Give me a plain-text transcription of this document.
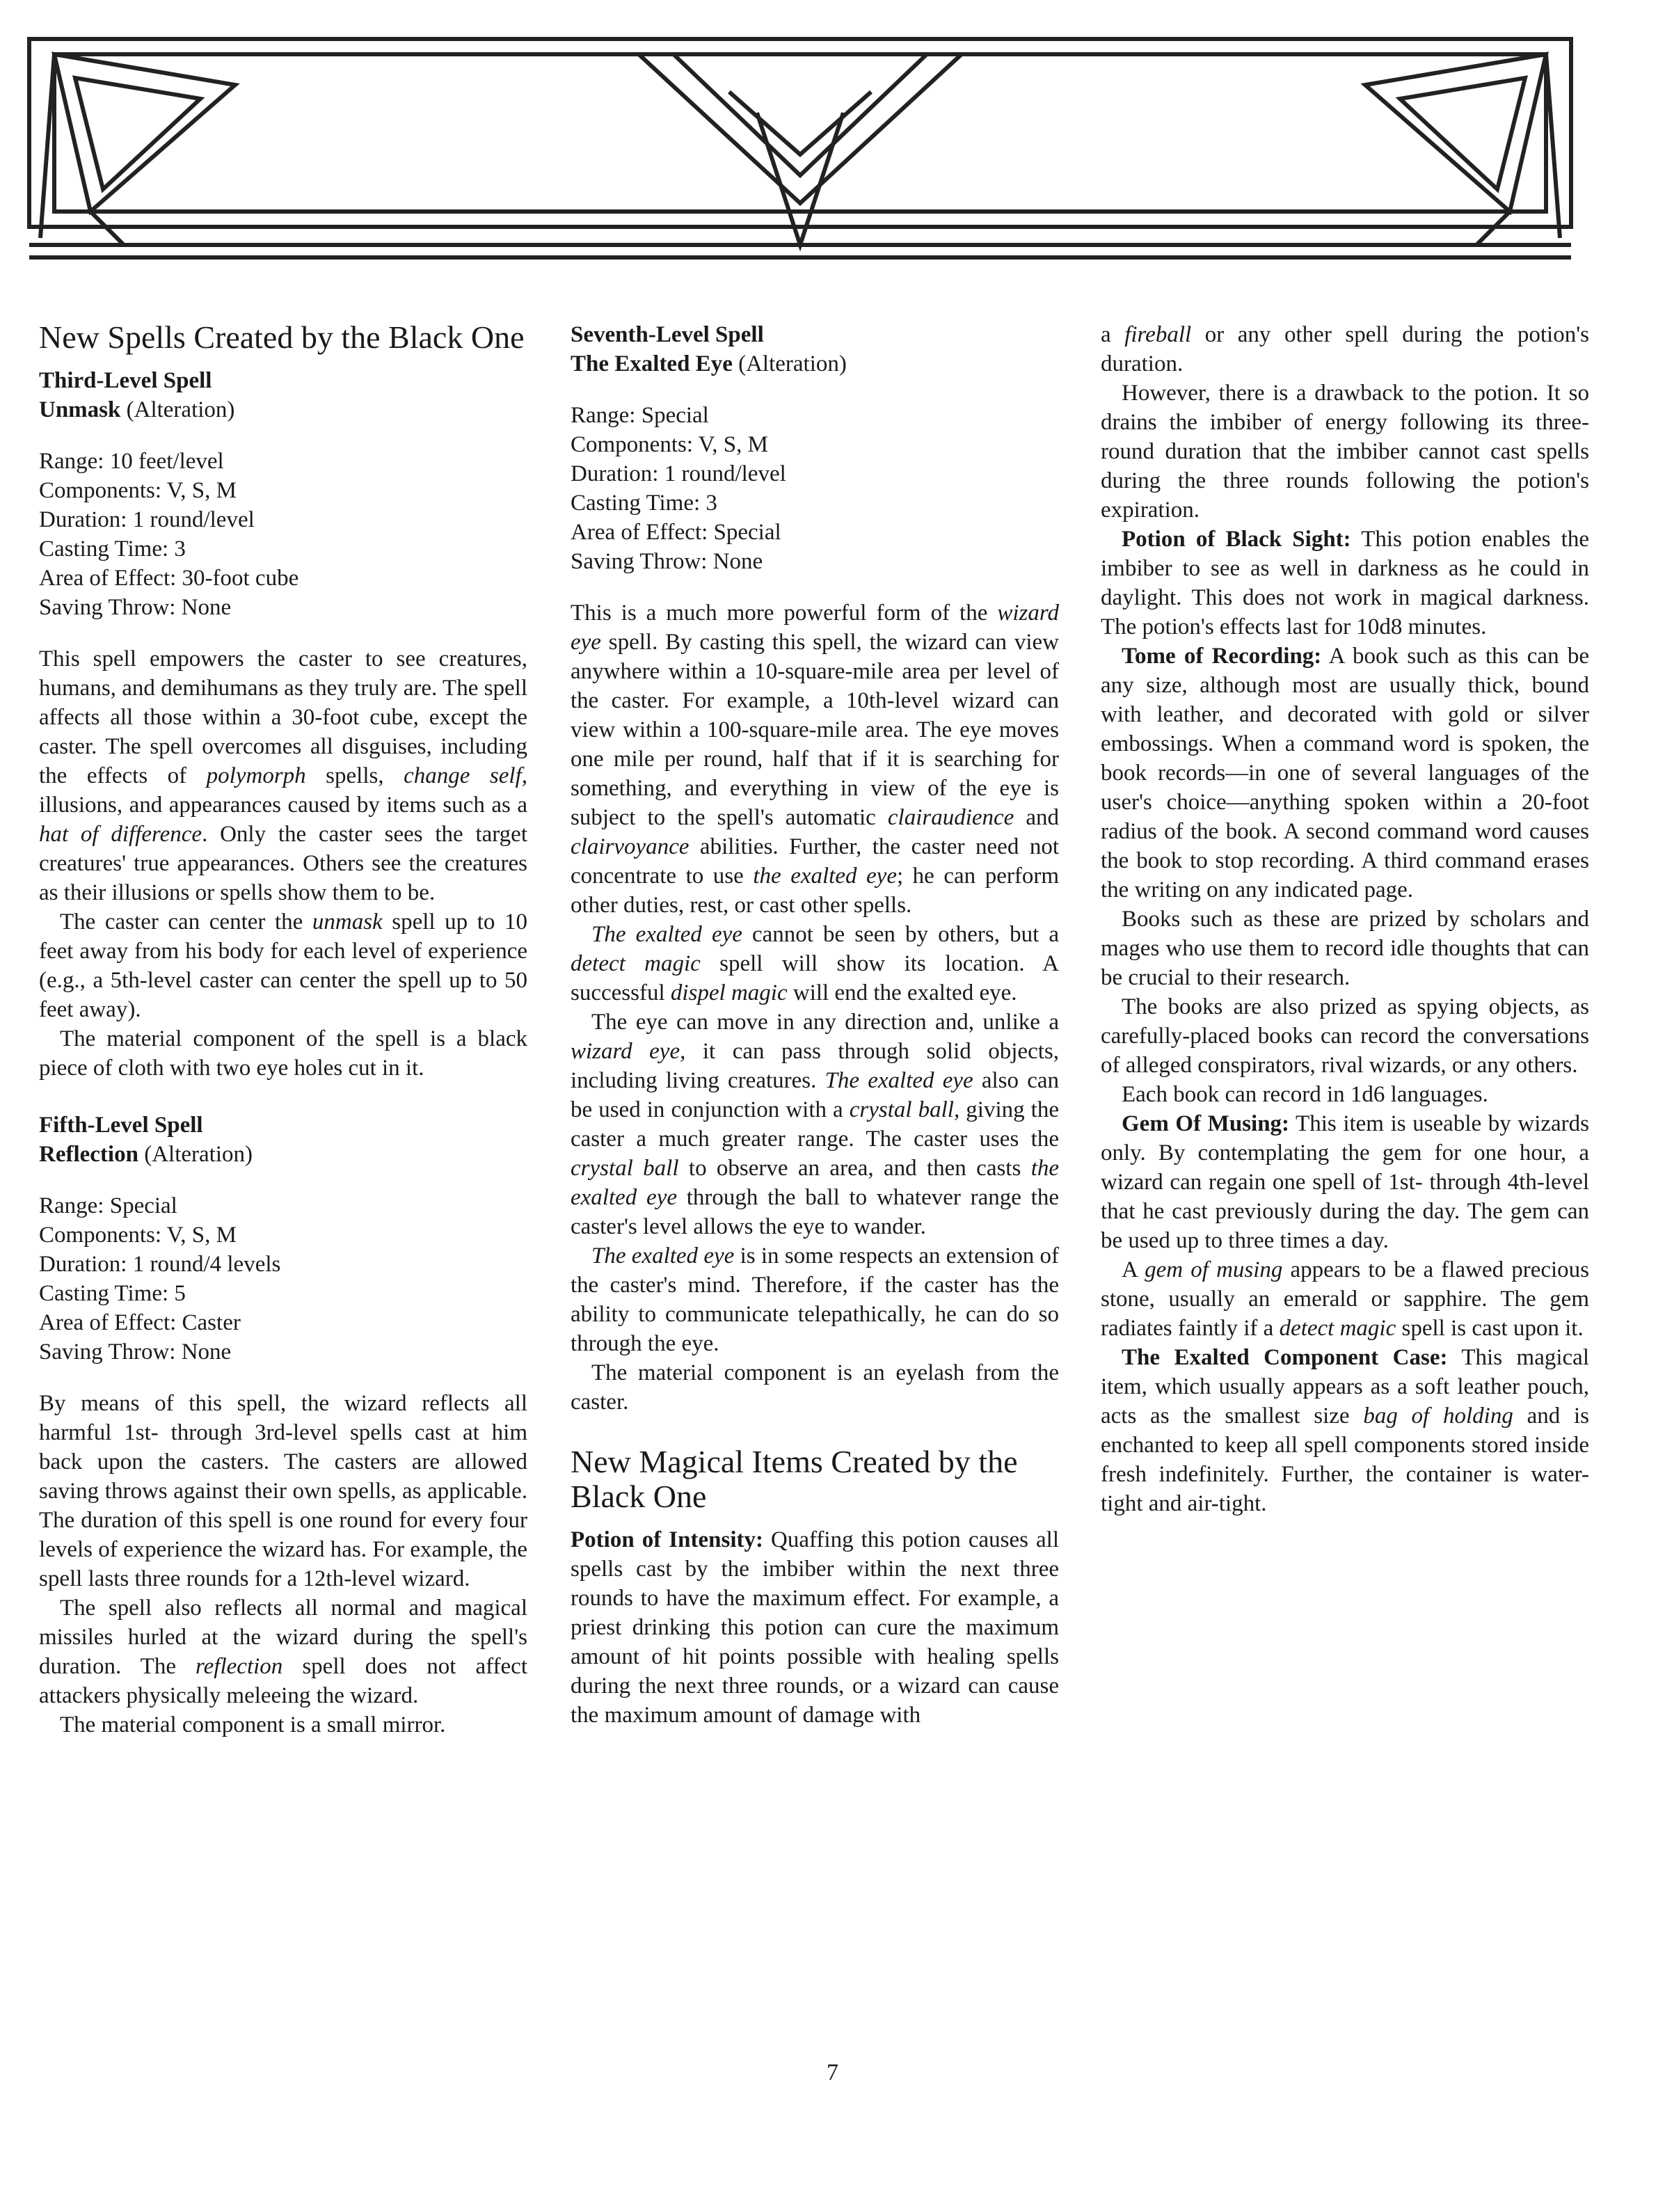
New Spells Created by the Black One
Third-Level Spell
Unmask (Alteration)
Range: 10 feet/level
Components: V, S, M
Duration: 1 round/level
Casting Time: 3
Area of Effect: 30-foot cube
Saving Throw: None

This spell empowers the caster to see creatures, humans, and demihumans as they truly are. The spell affects all those within a 30-foot cube, except the caster. The spell overcomes all disguises, including the effects of polymorph spells, change self, illusions, and appearances caused by items such as a hat of difference. Only the caster sees the target creatures' true appearances. Others see the creatures as their illusions or spells show them to be.

The caster can center the unmask spell up to 10 feet away from his body for each level of experience (e.g., a 5th-level caster can center the spell up to 50 feet away).

The material component of the spell is a black piece of cloth with two eye holes cut in it.

Fifth-Level Spell
Reflection (Alteration)
Range: Special
Components: V, S, M
Duration: 1 round/4 levels
Casting Time: 5
Area of Effect: Caster
Saving Throw: None

By means of this spell, the wizard reflects all harmful 1st- through 3rd-level spells cast at him back upon the casters. The casters are allowed saving throws against their own spells, as applicable. The duration of this spell is one round for every four levels of experience the wizard has. For example, the spell lasts three rounds for a 12th-level wizard.

The spell also reflects all normal and magical missiles hurled at the wizard during the spell's duration. The reflection spell does not affect attackers physically meleeing the wizard.

The material component is a small mirror.

Seventh-Level Spell
The Exalted Eye (Alteration)
Range: Special
Components: V, S, M
Duration: 1 round/level
Casting Time: 3
Area of Effect: Special
Saving Throw: None

This is a much more powerful form of the wizard eye spell. By casting this spell, the wizard can view anywhere within a 10-square-mile area per level of the caster. For example, a 10th-level wizard can view within a 100-square-mile area. The eye moves one mile per round, half that if it is searching for something, and everything in view of the eye is subject to the spell's automatic clairaudience and clairvoyance abilities. Further, the caster need not concentrate to use the exalted eye; he can perform other duties, rest, or cast other spells.

The exalted eye cannot be seen by others, but a detect magic spell will show its location. A successful dispel magic will end the exalted eye.

The eye can move in any direction and, unlike a wizard eye, it can pass through solid objects, including living creatures. The exalted eye also can be used in conjunction with a crystal ball, giving the caster a much greater range. The caster uses the crystal ball to observe an area, and then casts the exalted eye through the ball to whatever range the caster's level allows the eye to wander.

The exalted eye is in some respects an extension of the caster's mind. Therefore, if the caster has the ability to communicate telepathically, he can do so through the eye.

The material component is an eyelash from the caster.

New Magical Items Created by the Black One

Potion of Intensity: Quaffing this potion causes all spells cast by the imbiber within the next three rounds to have the maximum effect. For example, a priest drinking this potion can cure the maximum amount of hit points possible with healing spells during the next three rounds, or a wizard can cause the maximum amount of damage with

a fireball or any other spell during the potion's duration.

However, there is a drawback to the potion. It so drains the imbiber of energy following its three-round duration that the imbiber cannot cast spells during the three rounds following the potion's expiration.

Potion of Black Sight: This potion enables the imbiber to see as well in darkness as he could in daylight. This does not work in magical darkness. The potion's effects last for 10d8 minutes.

Tome of Recording: A book such as this can be any size, although most are usually thick, bound with leather, and decorated with gold or silver embossings. When a command word is spoken, the book records—in one of several languages of the user's choice—anything spoken within a 20-foot radius of the book. A second command word causes the book to stop recording. A third command erases the writing on any indicated page.

Books such as these are prized by scholars and mages who use them to record idle thoughts that can be crucial to their research.

The books are also prized as spying objects, as carefully-placed books can record the conversations of alleged conspirators, rival wizards, or any others.

Each book can record in 1d6 languages.

Gem Of Musing: This item is useable by wizards only. By contemplating the gem for one hour, a wizard can regain one spell of 1st- through 4th-level that he cast previously during the day. The gem can be used up to three times a day.

A gem of musing appears to be a flawed precious stone, usually an emerald or sapphire. The gem radiates faintly if a detect magic spell is cast upon it.

The Exalted Component Case: This magical item, which usually appears as a soft leather pouch, acts as the smallest size bag of holding and is enchanted to keep all spell components stored inside fresh indefinitely. Further, the container is water-tight and air-tight.

7
